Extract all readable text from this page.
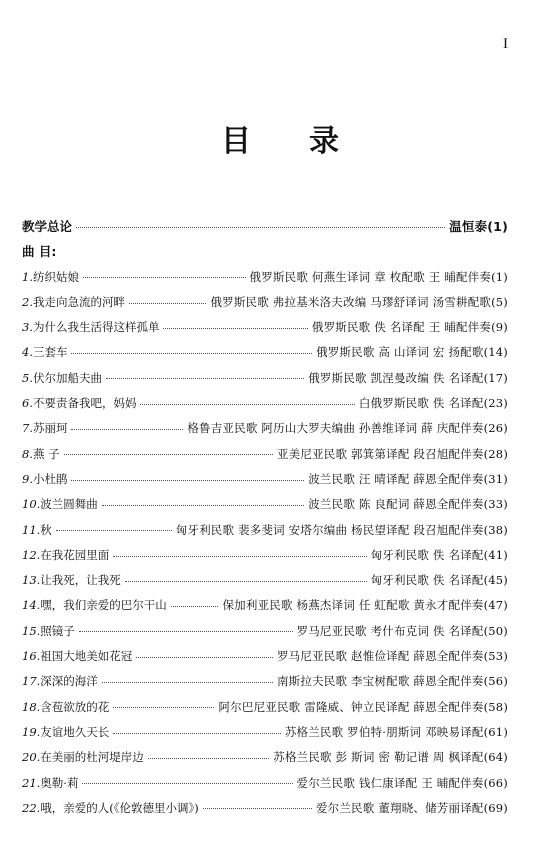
I
目录
教学总论	温恒泰(1)
曲 目:
1.纺织姑娘	俄罗斯民歌 何燕生译词 章 枚配歌 王 晡配伴奏(1)
2.我走向急流的河畔	俄罗斯民歌 弗拉基米洛夫改编 马璆舒译词 汤雪耕配歌(5)
3.为什么我生活得这样孤单	俄罗斯民歌 佚 名译配 王 晡配伴奏(9)
4.三套车	俄罗斯民歌 高 山译词 宏 扬配歌(14)
5.伏尔加船夫曲	俄罗斯民歌 凯涅曼改编 佚 名译配(17)
6.不要责备我吧，妈妈	白俄罗斯民歌 佚 名译配(23)
7.苏丽珂	格鲁吉亚民歌 阿历山大罗夫编曲 孙善维译词 薛 庆配伴奏(26)
8.燕 子	亚美尼亚民歌 郭箕第译配 段召旭配伴奏(28)
9.小杜鹃	波兰民歌 汪 晴译配 薛恩全配伴奏(31)
10.波兰圆舞曲	波兰民歌 陈 良配词 薛恩全配伴奏(33)
11.秋	匈牙利民歌 裴多斐词 安塔尔编曲 杨民望译配 段召旭配伴奏(38)
12.在我花园里面	匈牙利民歌 佚 名译配(41)
13.让我死，让我死	匈牙利民歌 佚 名译配(45)
14.嘿，我们亲爱的巴尔干山	保加利亚民歌 杨燕杰译词 任 虹配歌 黄永才配伴奏(47)
15.照镜子	罗马尼亚民歌 考什布克词 佚 名译配(50)
16.祖国大地美如花冠	罗马尼亚民歌 赵惟俭译配 薛恩全配伴奏(53)
17.深深的海洋	南斯拉夫民歌 李宝树配歌 薛恩全配伴奏(56)
18.含苞欲放的花	阿尔巴尼亚民歌 雷隆威、钟立民译配 薛恩全配伴奏(58)
19.友谊地久天长	苏格兰民歌 罗伯特·朋斯词 邓映易译配(61)
20.在美丽的杜河堤岸边	苏格兰民歌 彭 斯词 密 勒记谱 周 枫译配(64)
21.奥勒·莉	爱尔兰民歌 钱仁康译配 王 晡配伴奏(66)
22.哦，亲爱的人(《伦敦德里小调》)	爱尔兰民歌 董翔晓、储芳丽译配(69)
